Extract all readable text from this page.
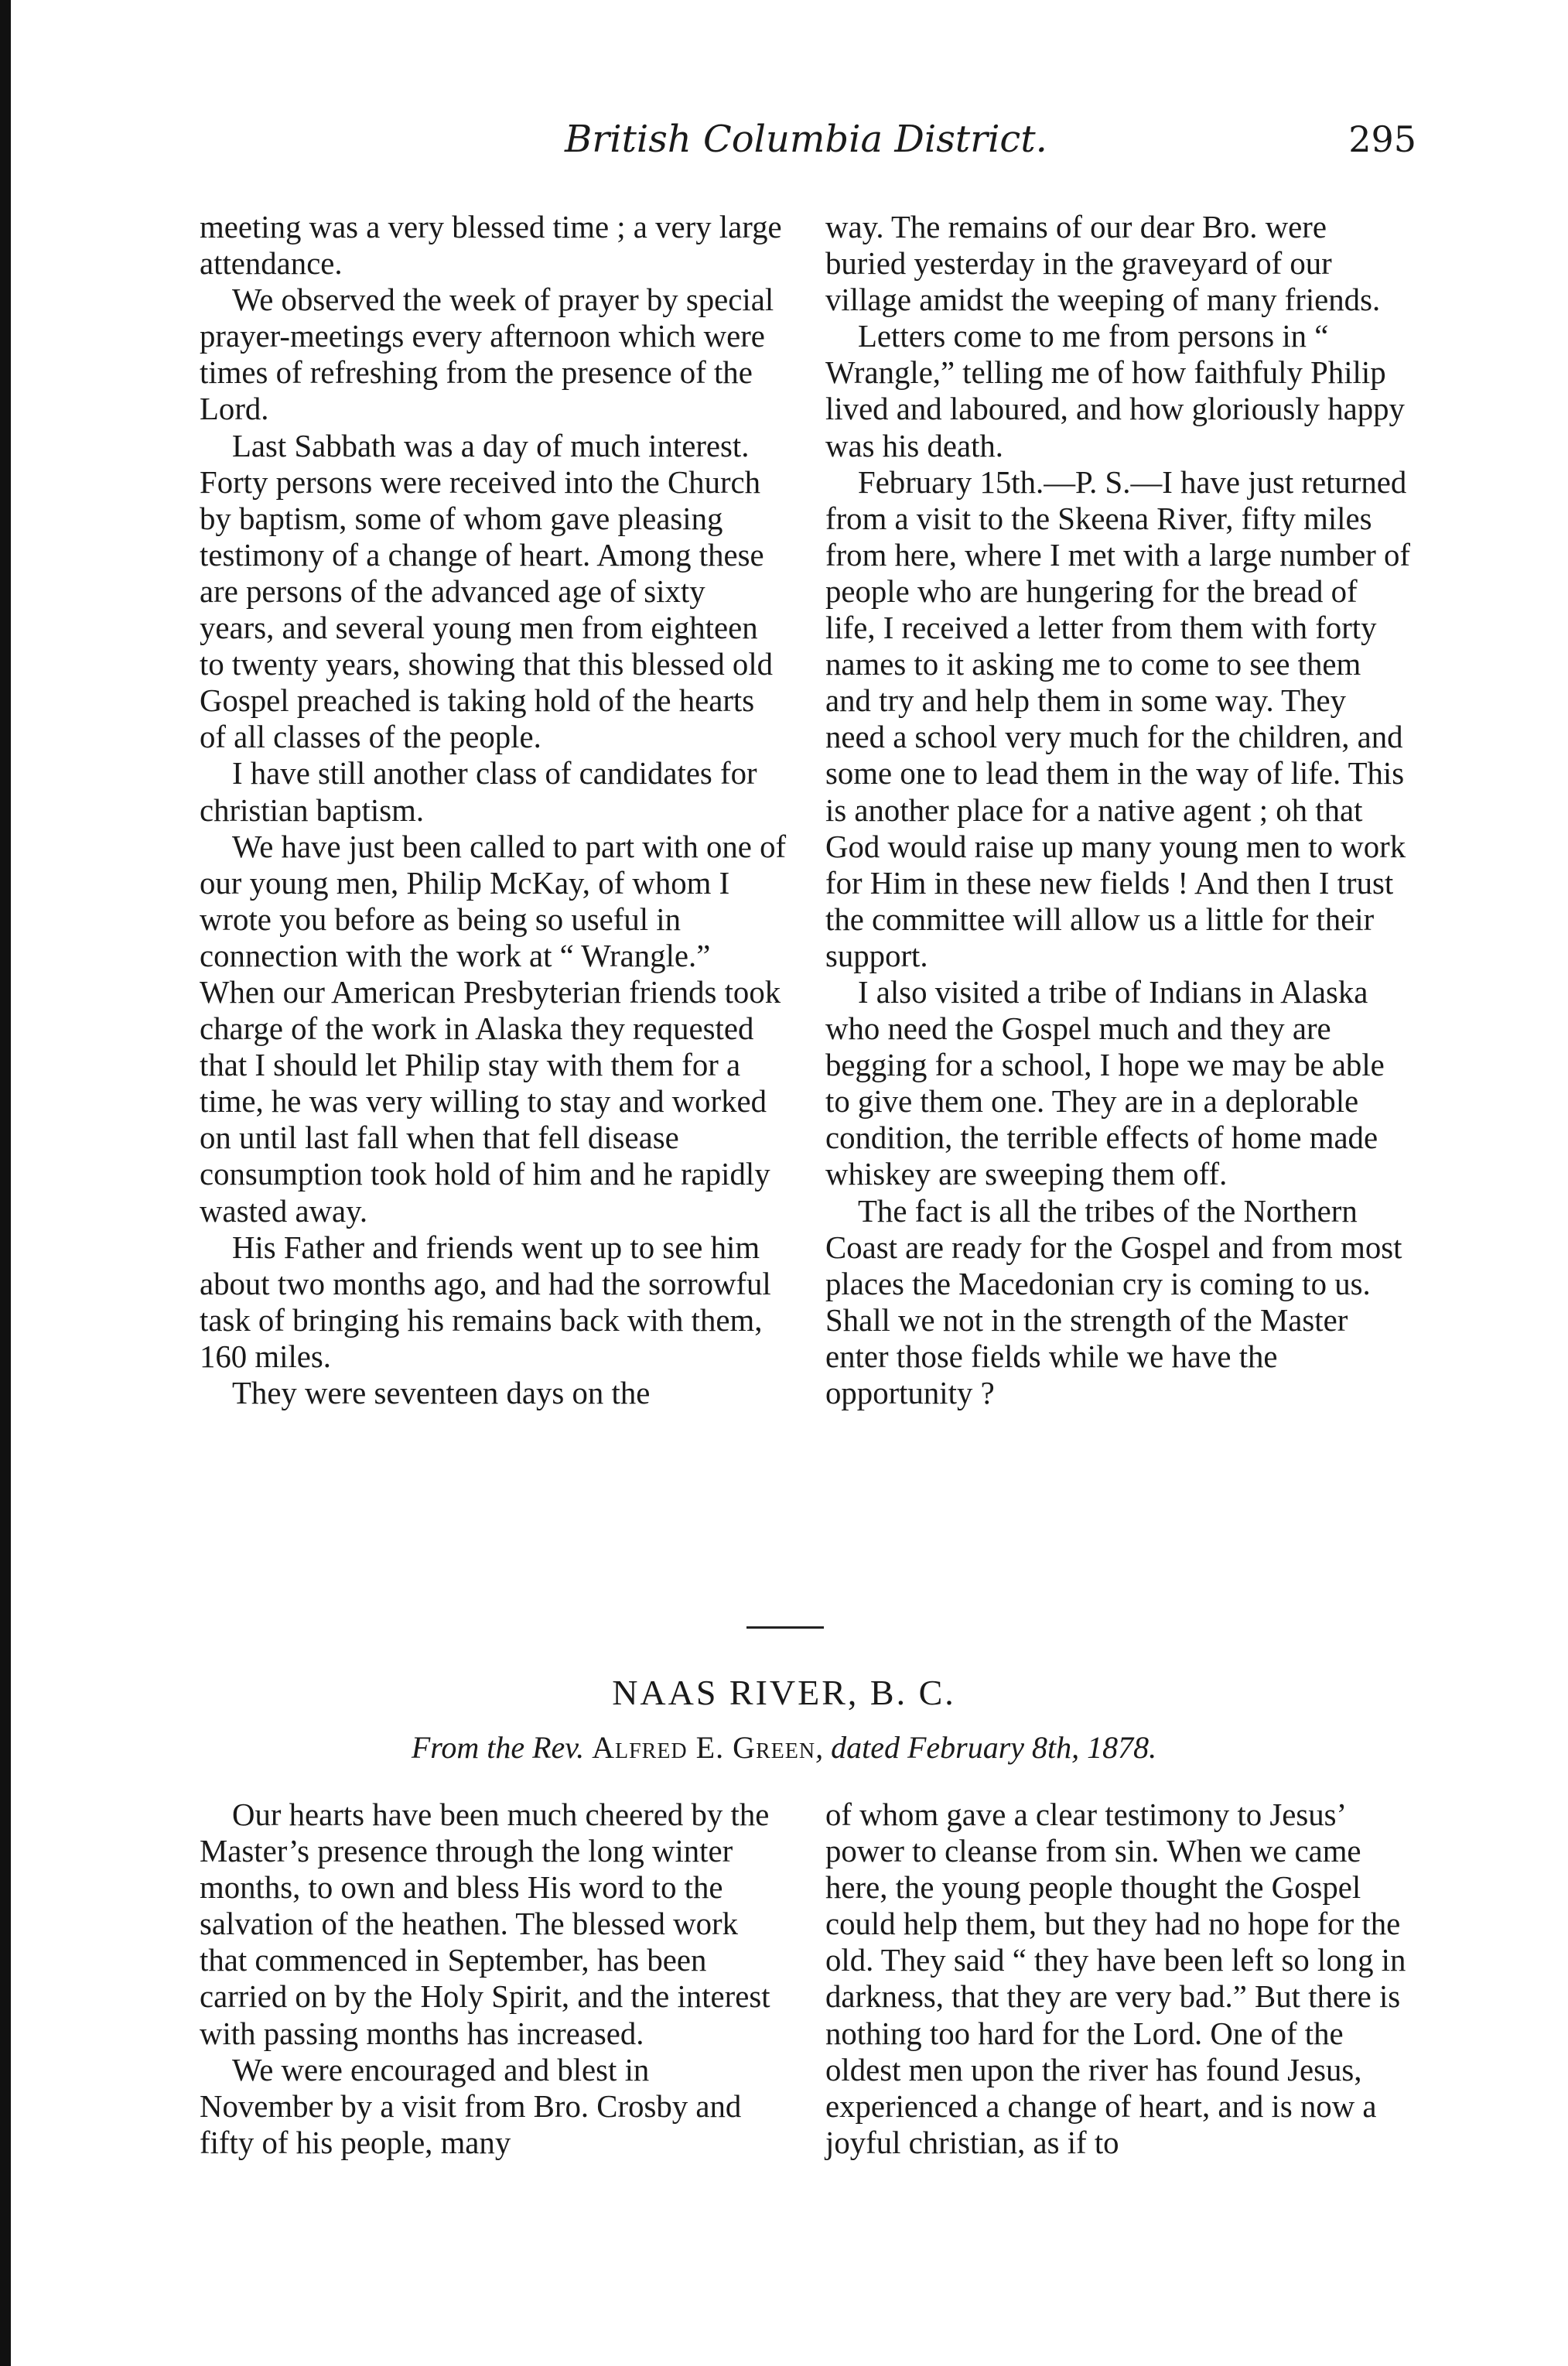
British Columbia District.	295

meeting was a very blessed time ; a very large attendance.

We observed the week of prayer by special prayer-meetings every afternoon which were times of refreshing from the presence of the Lord.

Last Sabbath was a day of much interest. Forty persons were received into the Church by baptism, some of whom gave pleasing testimony of a change of heart. Among these are persons of the advanced age of sixty years, and several young men from eighteen to twenty years, showing that this blessed old Gospel preached is taking hold of the hearts of all classes of the people.

I have still another class of candidates for christian baptism.

We have just been called to part with one of our young men, Philip McKay, of whom I wrote you before as being so useful in connection with the work at “ Wrangle.” When our American Presbyterian friends took charge of the work in Alaska they requested that I should let Philip stay with them for a time, he was very willing to stay and worked on until last fall when that fell disease consumption took hold of him and he rapidly wasted away.

His Father and friends went up to see him about two months ago, and had the sorrowful task of bringing his remains back with them, 160 miles.

They were seventeen days on the

way. The remains of our dear Bro. were buried yesterday in the graveyard of our village amidst the weeping of many friends.

Letters come to me from persons in “ Wrangle,” telling me of how faithfuly Philip lived and laboured, and how gloriously happy was his death.

February 15th.—P. S.—I have just returned from a visit to the Skeena River, fifty miles from here, where I met with a large number of people who are hungering for the bread of life, I received a letter from them with forty names to it asking me to come to see them and try and help them in some way. They need a school very much for the children, and some one to lead them in the way of life. This is another place for a native agent ; oh that God would raise up many young men to work for Him in these new fields ! And then I trust the committee will allow us a little for their support.

I also visited a tribe of Indians in Alaska who need the Gospel much and they are begging for a school, I hope we may be able to give them one. They are in a deplorable condition, the terrible effects of home made whiskey are sweeping them off.

The fact is all the tribes of the Northern Coast are ready for the Gospel and from most places the Macedonian cry is coming to us. Shall we not in the strength of the Master enter those fields while we have the opportunity ?

NAAS RIVER, B. C.
From the Rev. Alfred E. Green, dated February 8th, 1878.

Our hearts have been much cheered by the Master’s presence through the long winter months, to own and bless His word to the salvation of the heathen. The blessed work that commenced in September, has been carried on by the Holy Spirit, and the interest with passing months has increased.

We were encouraged and blest in November by a visit from Bro. Crosby and fifty of his people, many

of whom gave a clear testimony to Jesus’ power to cleanse from sin. When we came here, the young people thought the Gospel could help them, but they had no hope for the old. They said “ they have been left so long in darkness, that they are very bad.” But there is nothing too hard for the Lord. One of the oldest men upon the river has found Jesus, experienced a change of heart, and is now a joyful christian, as if to
